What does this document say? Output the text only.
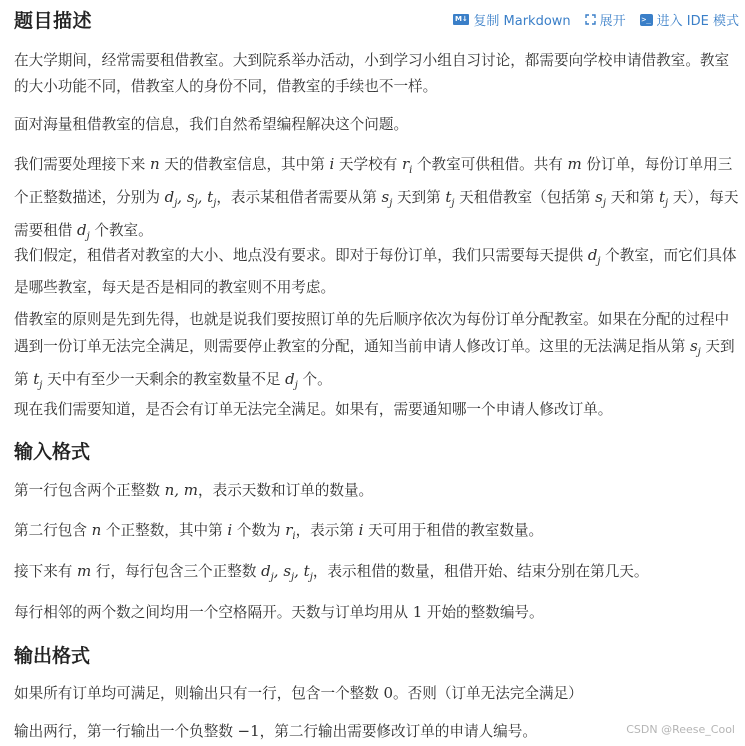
题目描述	M↓ 复制 Markdown 展开 >_ 进入 IDE 模式

在大学期间，经常需要租借教室。大到院系举办活动，小到学习小组自习讨论，都需要向学校申请借教室。教室的大小功能不同，借教室人的身份不同，借教室的手续也不一样。

面对海量租借教室的信息，我们自然希望编程解决这个问题。

我们需要处理接下来 n 天的借教室信息，其中第 i 天学校有 $r_i$ 个教室可供租借。共有 m 份订单，每份订单用三个正整数描述，分别为 $d_j$, $s_j$, $t_j$，表示某租借者需要从第 $s_j$ 天到第 $t_j$ 天租借教室（包括第 $s_j$ 天和第 $t_j$ 天），每天需要租借 $d_j$ 个教室。

我们假定，租借者对教室的大小、地点没有要求。即对于每份订单，我们只需要每天提供 $d_j$ 个教室，而它们具体是哪些教室，每天是否是相同的教室则不用考虑。

借教室的原则是先到先得，也就是说我们要按照订单的先后顺序依次为每份订单分配教室。如果在分配的过程中遇到一份订单无法完全满足，则需要停止教室的分配，通知当前申请人修改订单。这里的无法满足指从第 $s_j$ 天到第 $t_j$ 天中有至少一天剩余的教室数量不足 $d_j$ 个。

现在我们需要知道，是否会有订单无法完全满足。如果有，需要通知哪一个申请人修改订单。

输入格式

第一行包含两个正整数 n, m，表示天数和订单的数量。

第二行包含 n 个正整数，其中第 i 个数为 $r_i$，表示第 i 天可用于租借的教室数量。

接下来有 m 行，每行包含三个正整数 $d_j$, $s_j$, $t_j$，表示租借的数量，租借开始、结束分别在第几天。

每行相邻的两个数之间均用一个空格隔开。天数与订单均用从 1 开始的整数编号。

输出格式

如果所有订单均可满足，则输出只有一行，包含一个整数 0。否则（订单无法完全满足）

输出两行，第一行输出一个负整数 −1，第二行输出需要修改订单的申请人编号。	CSDN @Reese_Cool
